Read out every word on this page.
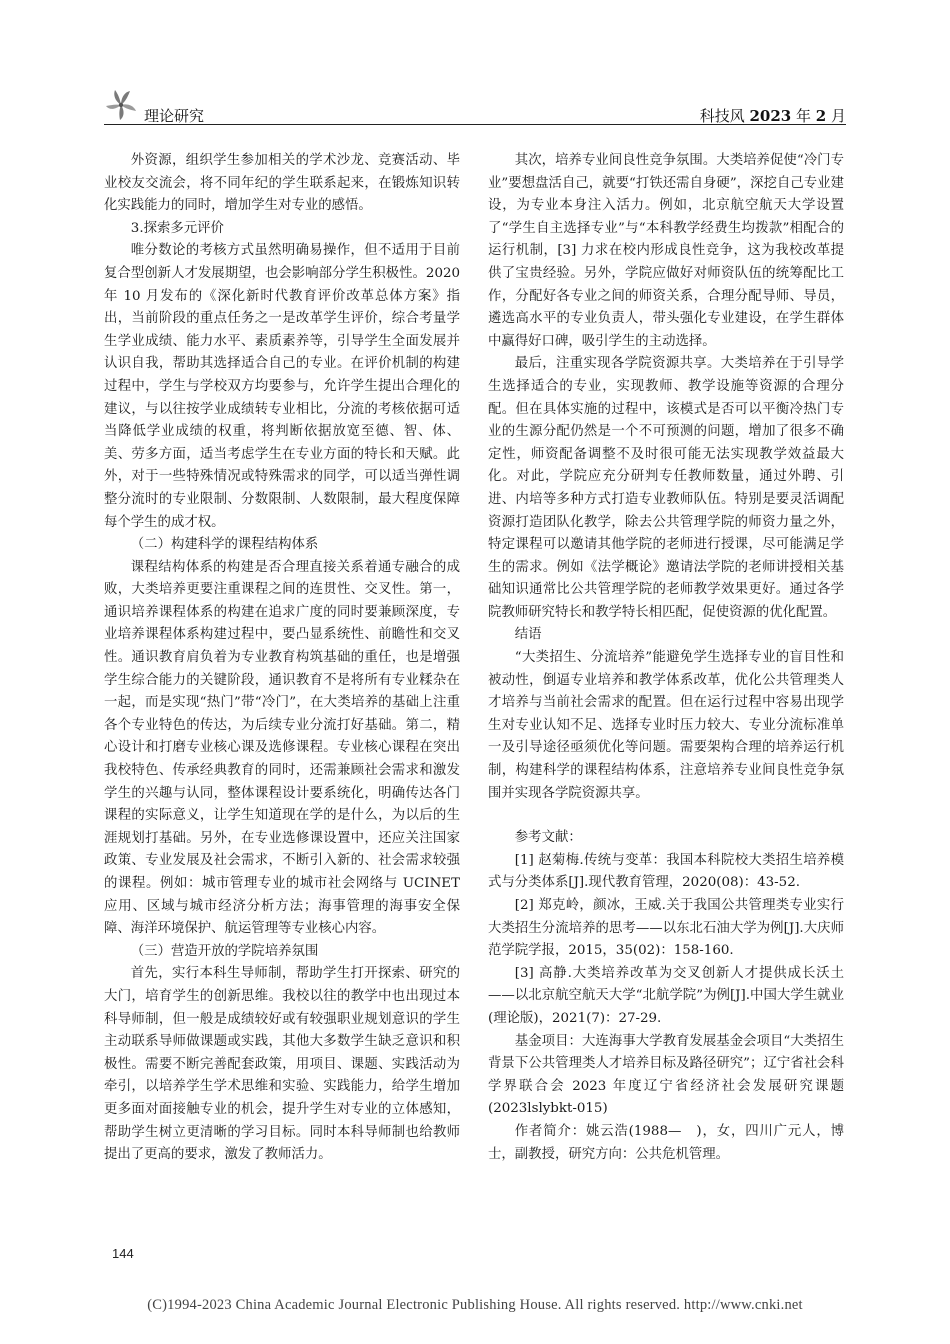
理论研究	科技风 2023 年 2 月

外资源，组织学生参加相关的学术沙龙、竞赛活动、毕业校友交流会，将不同年纪的学生联系起来，在锻炼知识转化实践能力的同时，增加学生对专业的感悟。

3.探索多元评价

唯分数论的考核方式虽然明确易操作，但不适用于目前复合型创新人才发展期望，也会影响部分学生积极性。2020 年 10 月发布的《深化新时代教育评价改革总体方案》指出，当前阶段的重点任务之一是改革学生评价，综合考量学生学业成绩、能力水平、素质素养等，引导学生全面发展并认识自我，帮助其选择适合自己的专业。在评价机制的构建过程中，学生与学校双方均要参与，允许学生提出合理化的建议，与以往按学业成绩转专业相比，分流的考核依据可适当降低学业成绩的权重，将判断依据放宽至德、智、体、美、劳多方面，适当考虑学生在专业方面的特长和天赋。此外，对于一些特殊情况或特殊需求的同学，可以适当弹性调整分流时的专业限制、分数限制、人数限制，最大程度保障每个学生的成才权。

（二）构建科学的课程结构体系

课程结构体系的构建是否合理直接关系着通专融合的成败，大类培养更要注重课程之间的连贯性、交叉性。第一，通识培养课程体系的构建在追求广度的同时要兼顾深度，专业培养课程体系构建过程中，要凸显系统性、前瞻性和交叉性。通识教育肩负着为专业教育构筑基础的重任，也是增强学生综合能力的关键阶段，通识教育不是将所有专业糅杂在一起，而是实现“热门”带“冷门”，在大类培养的基础上注重各个专业特色的传达，为后续专业分流打好基础。第二，精心设计和打磨专业核心课及选修课程。专业核心课程在突出我校特色、传承经典教育的同时，还需兼顾社会需求和激发学生的兴趣与认同，整体课程设计要系统化，明确传达各门课程的实际意义，让学生知道现在学的是什么，为以后的生涯规划打基础。另外，在专业选修课设置中，还应关注国家政策、专业发展及社会需求，不断引入新的、社会需求较强的课程。例如：城市管理专业的城市社会网络与 UCINET 应用、区域与城市经济分析方法；海事管理的海事安全保障、海洋环境保护、航运管理等专业核心内容。

（三）营造开放的学院培养氛围

首先，实行本科生导师制，帮助学生打开探索、研究的大门，培育学生的创新思维。我校以往的教学中也出现过本科导师制，但一般是成绩较好或有较强职业规划意识的学生主动联系导师做课题或实践，其他大多数学生缺乏意识和积极性。需要不断完善配套政策，用项目、课题、实践活动为牵引，以培养学生学术思维和实验、实践能力，给学生增加更多面对面接触专业的机会，提升学生对专业的立体感知，帮助学生树立更清晰的学习目标。同时本科导师制也给教师提出了更高的要求，激发了教师活力。

其次，培养专业间良性竞争氛围。大类培养促使“冷门专业”要想盘活自己，就要“打铁还需自身硬”，深挖自己专业建设，为专业本身注入活力。例如，北京航空航天大学设置了“学生自主选择专业”与“本科教学经费生均拨款”相配合的运行机制，[3] 力求在校内形成良性竞争，这为我校改革提供了宝贵经验。另外，学院应做好对师资队伍的统筹配比工作，分配好各专业之间的师资关系，合理分配导师、导员，遴选高水平的专业负责人，带头强化专业建设，在学生群体中赢得好口碑，吸引学生的主动选择。

最后，注重实现各学院资源共享。大类培养在于引导学生选择适合的专业，实现教师、教学设施等资源的合理分配。但在具体实施的过程中，该模式是否可以平衡冷热门专业的生源分配仍然是一个不可预测的问题，增加了很多不确定性，师资配备调整不及时很可能无法实现教学效益最大化。对此，学院应充分研判专任教师数量，通过外聘、引进、内培等多种方式打造专业教师队伍。特别是要灵活调配资源打造团队化教学，除去公共管理学院的师资力量之外，特定课程可以邀请其他学院的老师进行授课，尽可能满足学生的需求。例如《法学概论》邀请法学院的老师讲授相关基础知识通常比公共管理学院的老师教学效果更好。通过各学院教师研究特长和教学特长相匹配，促使资源的优化配置。

结语

“大类招生、分流培养”能避免学生选择专业的盲目性和被动性，倒逼专业培养和教学体系改革，优化公共管理类人才培养与当前社会需求的配置。但在运行过程中容易出现学生对专业认知不足、选择专业时压力较大、专业分流标准单一及引导途径亟须优化等问题。需要架构合理的培养运行机制，构建科学的课程结构体系，注意培养专业间良性竞争氛围并实现各学院资源共享。

参考文献：

[1] 赵菊梅.传统与变革：我国本科院校大类招生培养模式与分类体系[J].现代教育管理，2020(08)：43-52.

[2] 郑克岭，颜冰，王威.关于我国公共管理类专业实行大类招生分流培养的思考——以东北石油大学为例[J].大庆师范学院学报，2015，35(02)：158-160.

[3] 高静.大类培养改革为交叉创新人才提供成长沃土——以北京航空航天大学“北航学院”为例[J].中国大学生就业(理论版)，2021(7)：27-29.

基金项目：大连海事大学教育发展基金会项目“大类招生背景下公共管理类人才培养目标及路径研究”；辽宁省社会科学界联合会 2023 年度辽宁省经济社会发展研究课题(2023lslybkt-015)

作者简介：姚云浩(1988—　)，女，四川广元人，博士，副教授，研究方向：公共危机管理。

144
(C)1994-2023 China Academic Journal Electronic Publishing House. All rights reserved. http://www.cnki.net
